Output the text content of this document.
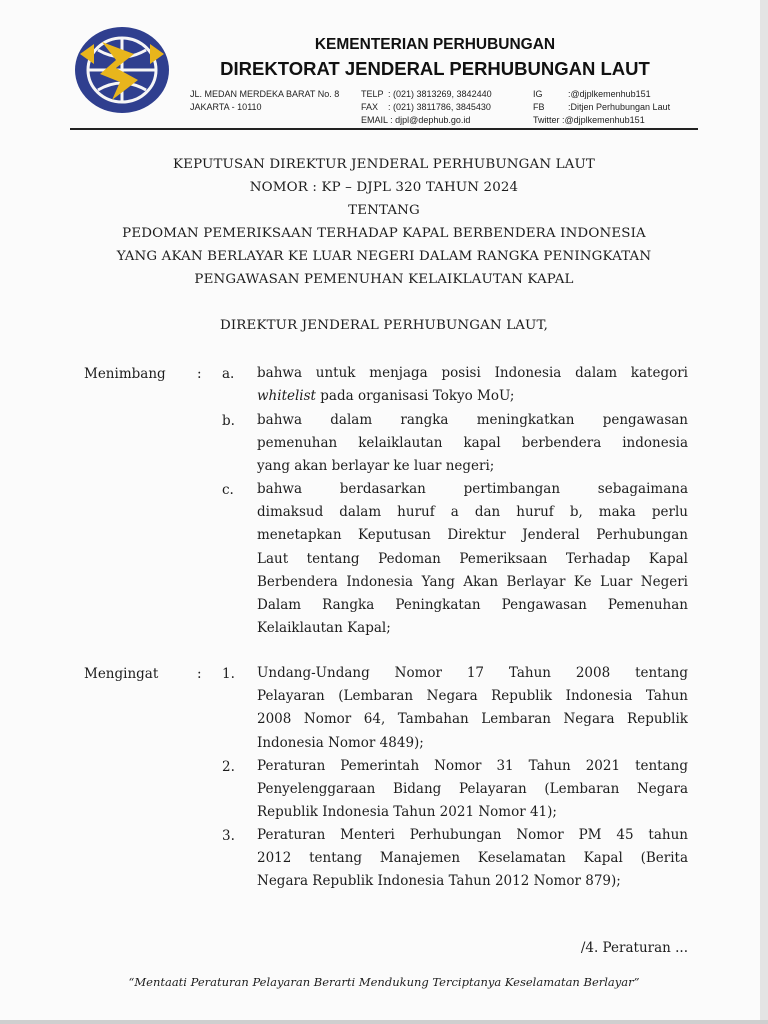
KEMENTERIAN PERHUBUNGAN
DIREKTORAT JENDERAL PERHUBUNGAN LAUT
JL. MEDAN MERDEKA BARAT No. 8
JAKARTA - 10110
TELP : (021) 3813269, 3842440
FAX : (021) 3811786, 3845430
EMAIL : djpl@dephub.go.id
IG	:@djplkemenhub151
FB	:Ditjen Perhubungan Laut
Twitter :@djplkemenhub151
KEPUTUSAN DIREKTUR JENDERAL PERHUBUNGAN LAUT
NOMOR : KP – DJPL 320 TAHUN 2024
TENTANG
PEDOMAN PEMERIKSAAN TERHADAP KAPAL BERBENDERA INDONESIA
YANG AKAN BERLAYAR KE LUAR NEGERI DALAM RANGKA PENINGKATAN
PENGAWASAN PEMENUHAN KELAIKLAUTAN KAPAL
DIREKTUR JENDERAL PERHUBUNGAN LAUT,
Menimbang : a. bahwa untuk menjaga posisi Indonesia dalam kategori
whitelist pada organisasi Tokyo MoU;
b. bahwa dalam rangka meningkatkan pengawasan
pemenuhan kelaiklautan kapal berbendera indonesia
yang akan berlayar ke luar negeri;
c. bahwa berdasarkan pertimbangan sebagaimana
dimaksud dalam huruf a dan huruf b, maka perlu
menetapkan Keputusan Direktur Jenderal Perhubungan
Laut tentang Pedoman Pemeriksaan Terhadap Kapal
Berbendera Indonesia Yang Akan Berlayar Ke Luar Negeri
Dalam Rangka Peningkatan Pengawasan Pemenuhan
Kelaiklautan Kapal;
Mengingat	: 1. Undang-Undang Nomor 17 Tahun 2008 tentang
Pelayaran (Lembaran Negara Republik Indonesia Tahun
2008 Nomor 64, Tambahan Lembaran Negara Republik
Indonesia Nomor 4849);
2. Peraturan Pemerintah Nomor 31 Tahun 2021 tentang
Penyelenggaraan Bidang Pelayaran (Lembaran Negara
Republik Indonesia Tahun 2021 Nomor 41);
3. Peraturan Menteri Perhubungan Nomor PM 45 tahun
2012 tentang Manajemen Keselamatan Kapal (Berita
Negara Republik Indonesia Tahun 2012 Nomor 879);
/4. Peraturan ...
“Mentaati Peraturan Pelayaran Berarti Mendukung Terciptanya Keselamatan Berlayar”
